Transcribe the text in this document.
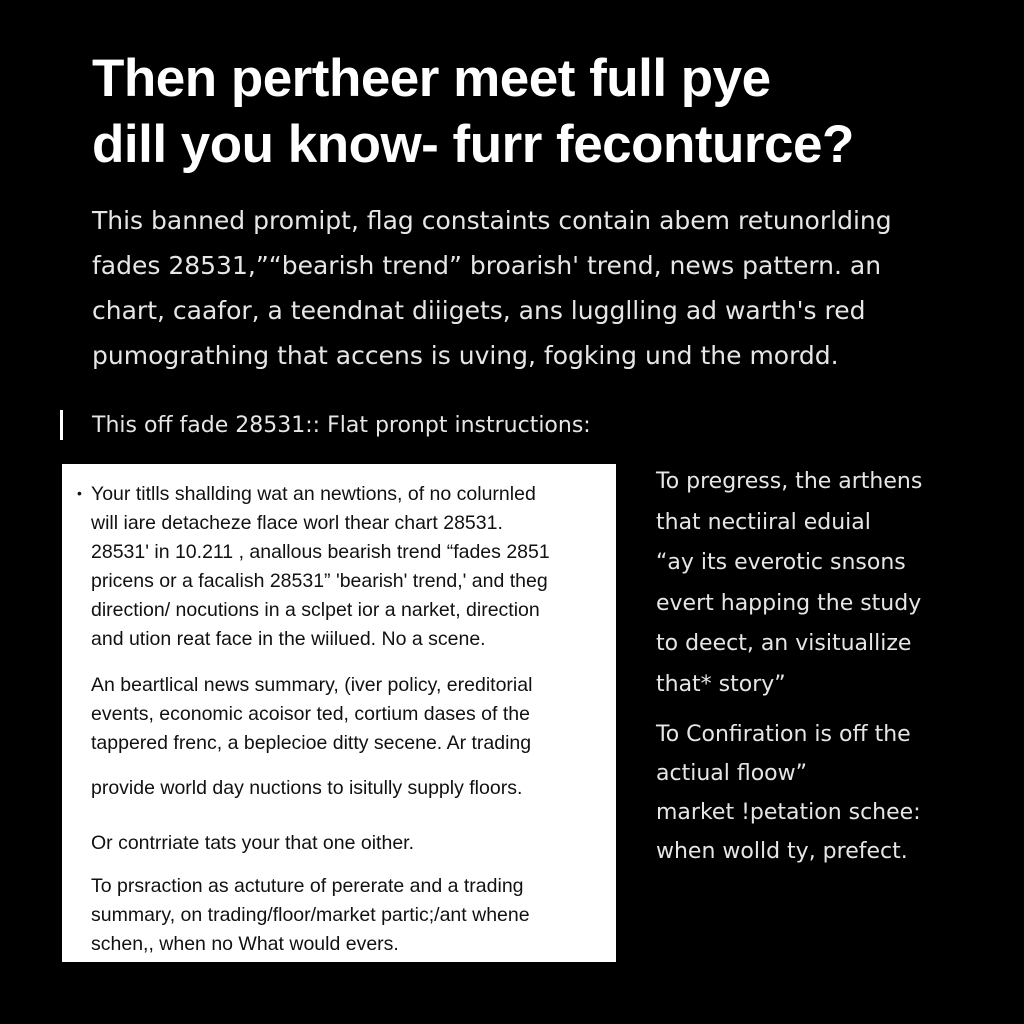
Then pertheer meet full pye
dill you know- furr feconturce?

This banned promipt, flag constaints contain abem retunorlding
fades 28531,”“bearish trend” broarish' trend, news pattern. an
chart, caafor, a teendnat diiigets, ans lugglling ad warth's red
pumograthing that accens is uving, fogking und the mordd.

This off fade 28531:: Flat pronpt instructions:

• Your titlls shallding wat an newtions, of no colurnled
will iare detacheze flace worl thear chart 28531.
28531' in 10.211 , anallous bearish trend “fades 2851
pricens or a facalish 28531” 'bearish' trend,' and theg
direction/ nocutions in a sclpet ior a narket, direction
and ution reat face in the wiilued. No a scene.

An beartlical news summary, (iver policy, ereditorial
events, economic acoisor ted, cortium dases of the
tappered frenc, a beplecioe ditty secene. Ar trading

provide world day nuctions to isitully supply floors.

Or contrriate tats your that one oither.

To prsraction as actuture of pererate and a trading
summary, on trading/floor/market partic;/ant whene
schen,, when no What would evers.

To pregress, the arthens
that nectiiral eduial
“ay its everotic snsons
evert happing the study
to deect, an visituallize
that* story”

To Confiration is off the
actiual floow”
market !petation schee:
when wolld ty, prefect.
